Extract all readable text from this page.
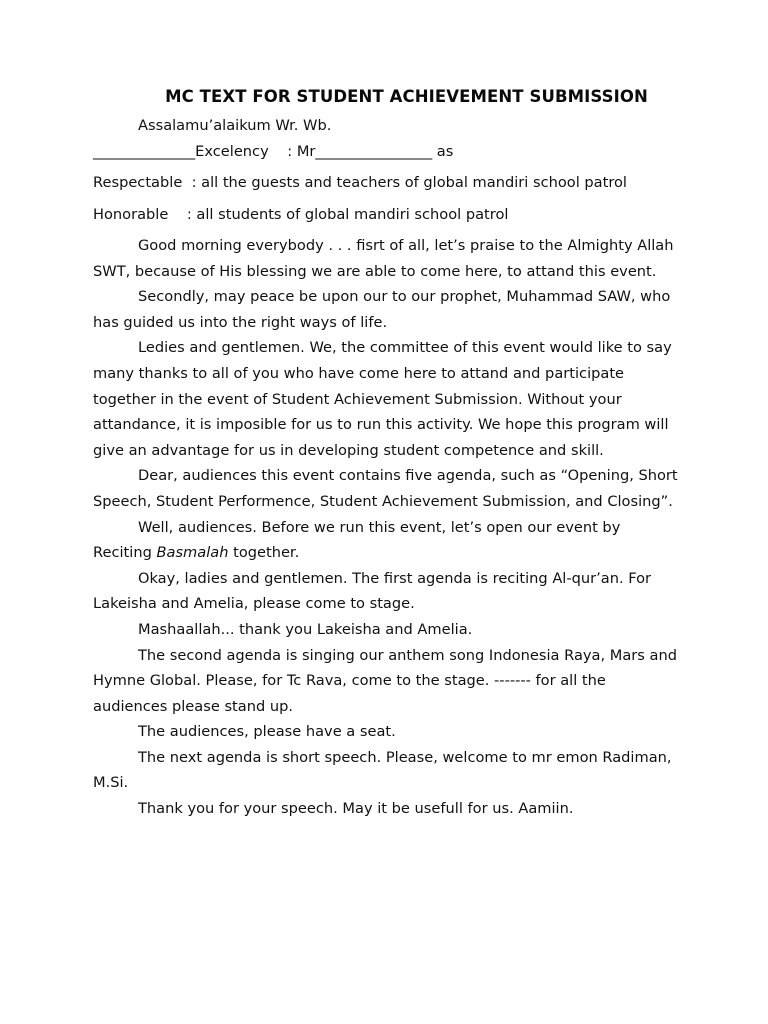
MC TEXT FOR STUDENT ACHIEVEMENT SUBMISSION

Assalamu’alaikum Wr. Wb.

______________Excelency    : Mr________________ as

Respectable  : all the guests and teachers of global mandiri school patrol

Honorable    : all students of global mandiri school patrol

Good morning everybody . . . fisrt of all, let’s praise to the Almighty Allah SWT, because of His blessing we are able to come here, to attand this event.

Secondly, may peace be upon our to our prophet, Muhammad SAW, who has guided us into the right ways of life.

Ledies and gentlemen. We, the committee of this event would like to say many thanks to all of you who have come here to attand and participate together in the event of Student Achievement Submission. Without your attandance, it is imposible for us to run this activity. We hope this program will give an advantage for us in developing student competence and skill.

Dear, audiences this event contains five agenda, such as “Opening, Short Speech, Student Performence, Student Achievement Submission, and Closing”.

Well, audiences. Before we run this event, let’s open our event by Reciting Basmalah together.

Okay, ladies and gentlemen. The first agenda is reciting Al-qur’an. For Lakeisha and Amelia, please come to stage.

Mashaallah... thank you Lakeisha and Amelia.

The second agenda is singing our anthem song Indonesia Raya, Mars and Hymne Global. Please, for Tc Rava, come to the stage. ------- for all the audiences please stand up.

The audiences, please have a seat.

The next agenda is short speech. Please, welcome to mr emon Radiman, M.Si.

Thank you for your speech. May it be usefull for us. Aamiin.
